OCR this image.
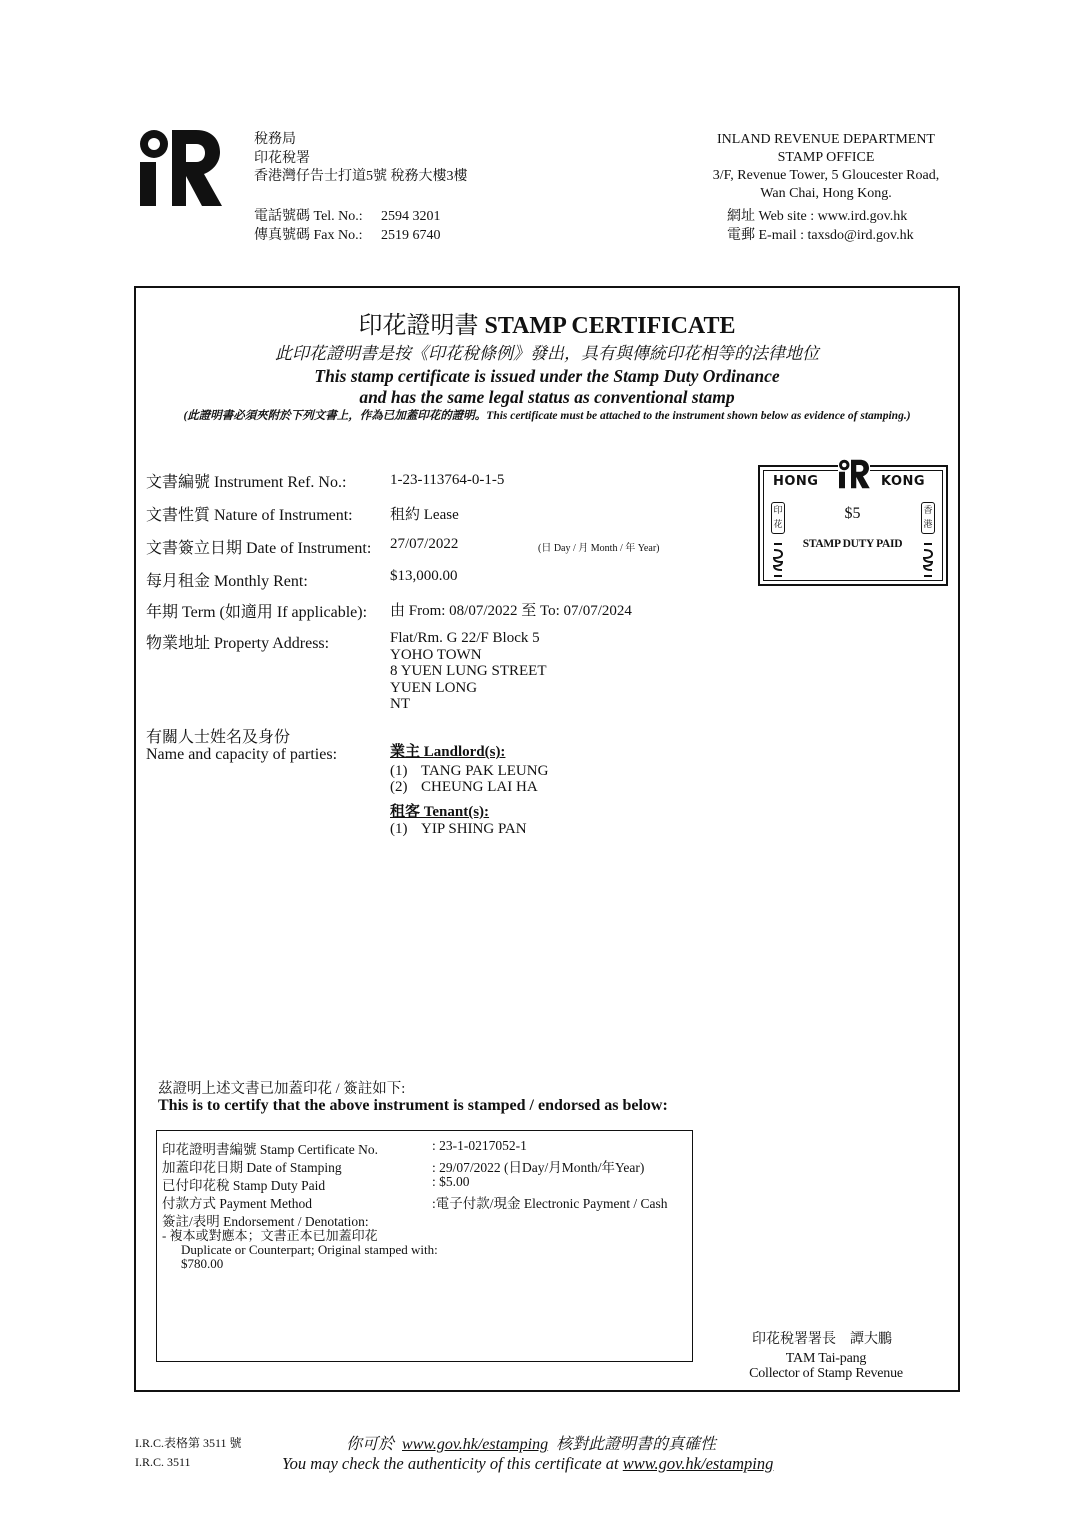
稅務局
印花稅署
香港灣仔告士打道5號 稅務大樓3樓
電話號碼 Tel. No.: 2594 3201
傳真號碼 Fax No.: 2519 6740
INLAND REVENUE DEPARTMENT
STAMP OFFICE
3/F, Revenue Tower, 5 Gloucester Road,
Wan Chai, Hong Kong.
網址 Web site : www.ird.gov.hk
電郵 E-mail : taxsdo@ird.gov.hk
印花證明書 STAMP CERTIFICATE
此印花證明書是按《印花稅條例》發出，具有與傳統印花相等的法律地位
This stamp certificate is issued under the Stamp Duty Ordinance
and has the same legal status as conventional stamp
(此證明書必須夾附於下列文書上，作為已加蓋印花的證明。This certificate must be attached to the instrument shown below as evidence of stamping.)
文書編號 Instrument Ref. No.:	1-23-113764-0-1-5
文書性質 Nature of Instrument: 租約 Lease
文書簽立日期 Date of Instrument: 27/07/2022	(日 Day / 月 Month / 年 Year)
每月租金 Monthly Rent:	$13,000.00
年期 Term (如適用 If applicable): 由 From: 08/07/2022 至 To: 07/07/2024
物業地址 Property Address:	Flat/Rm. G 22/F Block 5
YOHO TOWN
8 YUEN LUNG STREET
YUEN LONG
NT
有關人士姓名及身份
Name and capacity of parties:	業主 Landlord(s):
(1) TANG PAK LEUNG
(2) CHEUNG LAI HA
租客 Tenant(s):
(1) YIP SHING PAN
HONG	KONG
$5
STAMP DUTY PAID
印花
香港
茲證明上述文書已加蓋印花 / 簽註如下:
This is to certify that the above instrument is stamped / endorsed as below:
印花證明書編號 Stamp Certificate No.	: 23-1-0217052-1
加蓋印花日期 Date of Stamping	: 29/07/2022 (日Day/月Month/年Year)
已付印花稅 Stamp Duty Paid	: $5.00
付款方式 Payment Method	:電子付款/現金 Electronic Payment / Cash
簽註/表明 Endorsement / Denotation:
- 複本或對應本；文書正本已加蓋印花
Duplicate or Counterpart; Original stamped with:
$780.00
印花稅署署長　譚大鵬
TAM Tai-pang
Collector of Stamp Revenue
I.R.C.表格第 3511 號
I.R.C. 3511
你可於 www.gov.hk/estamping 核對此證明書的真確性
You may check the authenticity of this certificate at www.gov.hk/estamping
